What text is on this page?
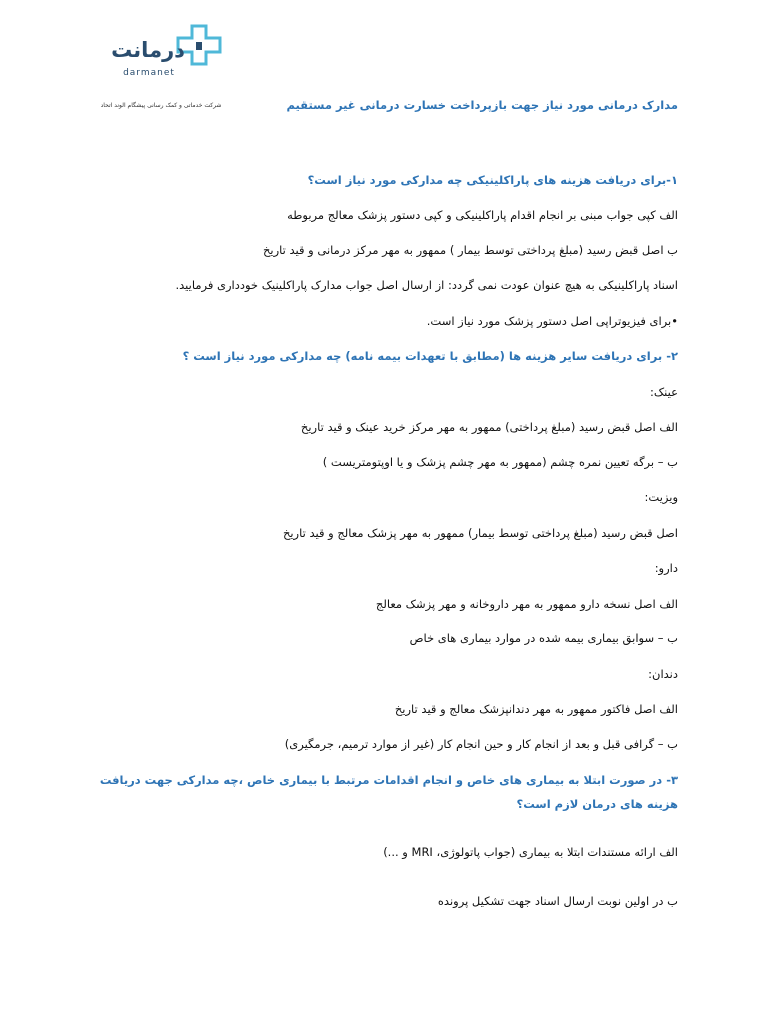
درمانت
darmanet
شرکت خدماتی و کمک رسانی پیشگام الوند اتحاد	مدارک درمانی مورد نیاز جهت بازپرداخت خسارت درمانی غیر مستقیم
۱-برای دریافت هزینه های پاراکلینیکی چه مدارکی مورد نیاز است؟
الف کپی جواب مبنی بر انجام اقدام پاراکلینیکی و کپی دستور پزشک معالج مربوطه
ب اصل قبض رسید (مبلغ پرداختی توسط بیمار ) ممهور به مهر مرکز درمانی و قید تاریخ
اسناد پاراکلینیکی به هیچ عنوان عودت نمی گردد: از ارسال اصل جواب مدارک پاراکلینیک خودداری فرمایید.
•برای فیزیوتراپی اصل دستور پزشک مورد نیاز است.
۲- برای دریافت سایر هزینه ها (مطابق با تعهدات بیمه نامه) چه مدارکی مورد نیاز است ؟
عینک:
الف اصل قبض رسید (مبلغ پرداختی) ممهور به مهر مرکز خرید عینک و قید تاریخ
ب – برگه تعیین نمره چشم (ممهور به مهر چشم پزشک و یا اوپتومتریست )
ویزیت:
اصل قبض رسید (مبلغ پرداختی توسط بیمار) ممهور به مهر پزشک معالج و قید تاریخ
دارو:
الف اصل نسخه دارو ممهور به مهر داروخانه و مهر پزشک معالج
ب – سوابق بیماری بیمه شده در موارد بیماری های خاص
دندان:
الف اصل فاکتور ممهور به مهر دندانپزشک معالج و قید تاریخ
ب – گرافی قبل و بعد از انجام کار و حین انجام کار (غیر از موارد ترمیم، جرمگیری)
۳- در صورت ابتلا به بیماری های خاص و انجام اقدامات مرتبط با بیماری خاص ،چه مدارکی جهت دریافت هزینه های درمان لازم است؟
الف ارائه مستندات ابتلا به بیماری (جواب پاتولوژی، MRI و ...)
ب در اولین نوبت ارسال اسناد جهت تشکیل پرونده
